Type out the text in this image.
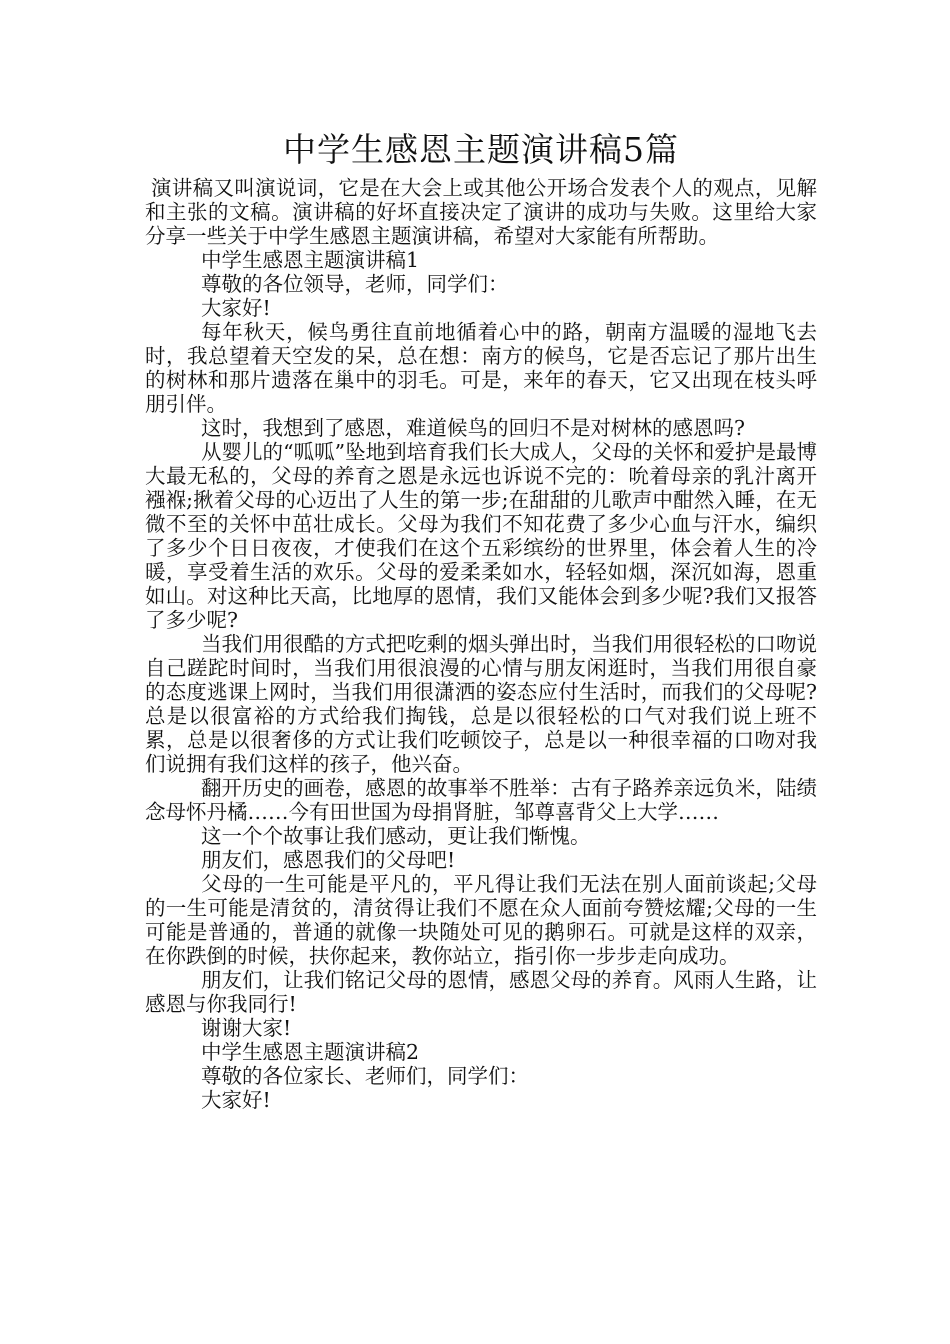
中学生感恩主题演讲稿5篇

演讲稿又叫演说词，它是在大会上或其他公开场合发表个人的观点，见解和主张的文稿。演讲稿的好坏直接决定了演讲的成功与失败。这里给大家分享一些关于中学生感恩主题演讲稿，希望对大家能有所帮助。

中学生感恩主题演讲稿1

尊敬的各位领导，老师，同学们：

大家好!

每年秋天，候鸟勇往直前地循着心中的路，朝南方温暖的湿地飞去时，我总望着天空发的呆，总在想：南方的候鸟，它是否忘记了那片出生的树林和那片遗落在巢中的羽毛。可是，来年的春天，它又出现在枝头呼朋引伴。

这时，我想到了感恩，难道候鸟的回归不是对树林的感恩吗?

从婴儿的“呱呱”坠地到培育我们长大成人，父母的关怀和爱护是最博大最无私的，父母的养育之恩是永远也诉说不完的：吮着母亲的乳汁离开襁褓;揪着父母的心迈出了人生的第一步;在甜甜的儿歌声中酣然入睡，在无微不至的关怀中茁壮成长。父母为我们不知花费了多少心血与汗水，编织了多少个日日夜夜，才使我们在这个五彩缤纷的世界里，体会着人生的冷暖，享受着生活的欢乐。父母的爱柔柔如水，轻轻如烟，深沉如海，恩重如山。对这种比天高，比地厚的恩情，我们又能体会到多少呢?我们又报答了多少呢?

当我们用很酷的方式把吃剩的烟头弹出时，当我们用很轻松的口吻说自己蹉跎时间时，当我们用很浪漫的心情与朋友闲逛时，当我们用很自豪的态度逃课上网时，当我们用很潇洒的姿态应付生活时，而我们的父母呢?总是以很富裕的方式给我们掏钱，总是以很轻松的口气对我们说上班不累，总是以很奢侈的方式让我们吃顿饺子，总是以一种很幸福的口吻对我们说拥有我们这样的孩子，他兴奋。

翻开历史的画卷，感恩的故事举不胜举：古有子路养亲远负米，陆绩念母怀丹橘……今有田世国为母捐肾脏，邹尊喜背父上大学……

这一个个故事让我们感动，更让我们惭愧。

朋友们，感恩我们的父母吧!

父母的一生可能是平凡的，平凡得让我们无法在别人面前谈起;父母的一生可能是清贫的，清贫得让我们不愿在众人面前夸赞炫耀;父母的一生可能是普通的，普通的就像一块随处可见的鹅卵石。可就是这样的双亲，在你跌倒的时候，扶你起来，教你站立，指引你一步步走向成功。

朋友们，让我们铭记父母的恩情，感恩父母的养育。风雨人生路，让感恩与你我同行!

谢谢大家!

中学生感恩主题演讲稿2

尊敬的各位家长、老师们，同学们：

大家好!
